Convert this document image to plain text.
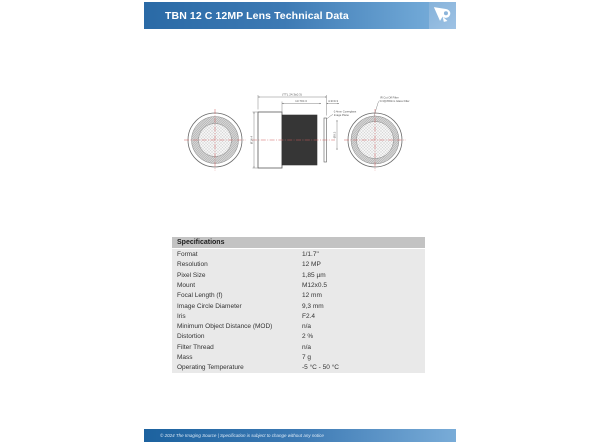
TBN 12 C 12MP Lens Technical Data
(TTL 24.3±0.3)
13.7±0.3	4.3±0.3
Ø14.4
Ø9.3
0.4mm Coverglass
Image Plane
IR Cut Off Filter
0.3(t)/650nm Glass Filter
Specifications
Format	1/1.7"
Resolution	12 MP
Pixel Size	1,85 µm
Mount	M12x0.5
Focal Length (f)	12 mm
Image Circle Diameter	9,3 mm
Iris	F2.4
Minimum Object Distance (MOD)	n/a
Distortion	2 %
Filter Thread	n/a
Mass	7 g
Operating Temperature	-5 °C - 50 °C
© 2024 The Imaging Source | Specification is subject to change without any notice
